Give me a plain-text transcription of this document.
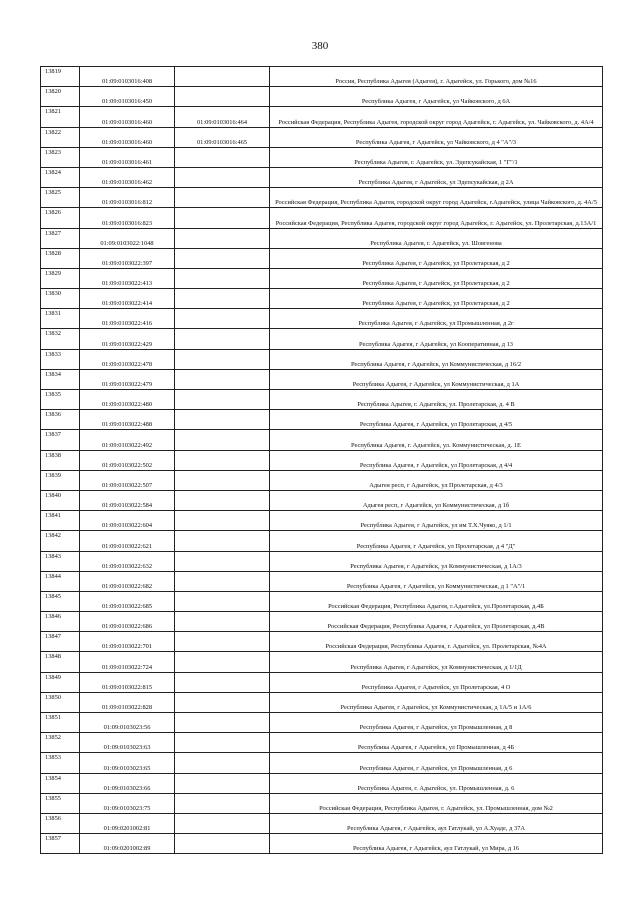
380
13819	01:09:0103016:408		Россия, Республика Адыгея (Адыгея), г. Адыгейск, ул. Горького, дом №16
13820	01:09:0103016:450		Республика Адыгея, г Адыгейск, ул Чайковского, д 6А
13821	01:09:0103016:460	01:09:0103016:464	Российская Федерация, Республика Адыгея, городской округ город Адыгейск, г. Адыгейск, ул. Чайковского, д. 4А/4
13822	01:09:0103016:460	01:09:0103016:465	Республика Адыгея, г Адыгейск, ул Чайковского, д 4 "А"/3
13823	01:09:0103016:461		Республика Адыгея, г. Адыгейск, ул. Эдепсукайская, 1 "Г"/1
13824	01:09:0103016:462		Республика Адыгея, г Адыгейск, ул Эдепсукайская, д 2А
13825	01:09:0103016:812		Российская Федерация, Республика Адыгея, городской округ город Адыгейск, г.Адыгейск, улица Чайковского, д. 4А/5
13826	01:09:0103016:823		Российская Федерация, Республика Адыгея, городской округ город Адыгейск, г. Адыгейск, ул. Пролетарская, д.13А/1
13827	01:09:0103022:1048		Республика Адыгея, г. Адыгейск, ул. Шовгенова
13828	01:09:0103022:397		Республика Адыгея, г Адыгейск, ул Пролетарская, д 2
13829	01:09:0103022:413		Республика Адыгея, г Адыгейск, ул Пролетарская, д 2
13830	01:09:0103022:414		Республика Адыгея, г Адыгейск, ул Пролетарская, д 2
13831	01:09:0103022:416		Республика Адыгея, г Адыгейск, ул Промышленная, д 2г
13832	01:09:0103022:429		Республика Адыгея, г Адыгейск, ул Кооперативная, д 13
13833	01:09:0103022:478		Республика Адыгея, г Адыгейск, ул Коммунистическая, д 16/2
13834	01:09:0103022:479		Республика Адыгея, г Адыгейск, ул Коммунистическая, д 1А
13835	01:09:0103022:480		Республика Адыгея, г. Адыгейск, ул. Пролетарская, д. 4 В
13836	01:09:0103022:488		Республика Адыгея, г Адыгейск, ул Пролетарская, д 4/5
13837	01:09:0103022:492		Республика Адыгея, г. Адыгейск, ул. Коммунистическая, д. 1Е
13838	01:09:0103022:502		Республика Адыгея, г Адыгейск, ул Пролетарская, д 4/4
13839	01:09:0103022:507		Адыгея респ, г Адыгейск, ул Пролетарская, д 4/3
13840	01:09:0103022:584		Адыгея респ, г Адыгейск, ул Коммунистическая, д 1б
13841	01:09:0103022:604		Республика Адыгея, г Адыгейск, ул им Т.Х.Чуяко, д 1/1
13842	01:09:0103022:621		Республика Адыгея, г Адыгейск, ул Пролетарская, д 4 "Д"
13843	01:09:0103022:632		Республика Адыгея, г Адыгейск, ул Коммунистическая, д 1А/3
13844	01:09:0103022:682		Республика Адыгея, г Адыгейск, ул Коммунистическая, д 1 "А"/1
13845	01:09:0103022:685		Российская Федерация, Республика Адыгея, г.Адыгейск, ул.Пролетарская, д.4Б
13846	01:09:0103022:686		Российская Федерация, Республика Адыгея, г Адыгейск, ул Пролетарская, д.4В
13847	01:09:0103022:701		Российская Федерация, Республика Адыгея, г. Адыгейск, ул. Пролетарская, №4А
13848	01:09:0103022:724		Республика Адыгея, г Адыгейск, ул Коммунистическая, д 1/1Д
13849	01:09:0103022:815		Республика Адыгея, г Адыгейск, ул Пролетарская, 4 О
13850	01:09:0103022:828		Республика Адыгея, г Адыгейск, ул Коммунистическая, д 1А/5 и 1А/6
13851	01:09:0103023:56		Республика Адыгея, г Адыгейск, ул Промышленная, д 8
13852	01:09:0103023:63		Республика Адыгея, г Адыгейск, ул Промышленная, д 4Б
13853	01:09:0103023:65		Республика Адыгея, г Адыгейск, ул Промышленная, д 6
13854	01:09:0103023:66		Республика Адыгея, г. Адыгейск, ул. Промышленная, д. 6
13855	01:09:0103023:75		Российская Федерация, Республика Адыгея, г. Адыгейск, ул. Промышленная, дом №2
13856	01:09:0201002:81		Республика Адыгея, г Адыгейск, аул Гатлукай, ул А.Хуаде, д 37А
13857	01:09:0201002:89		Республика Адыгея, г Адыгейск, аул Гатлукай, ул Мира, д 16
